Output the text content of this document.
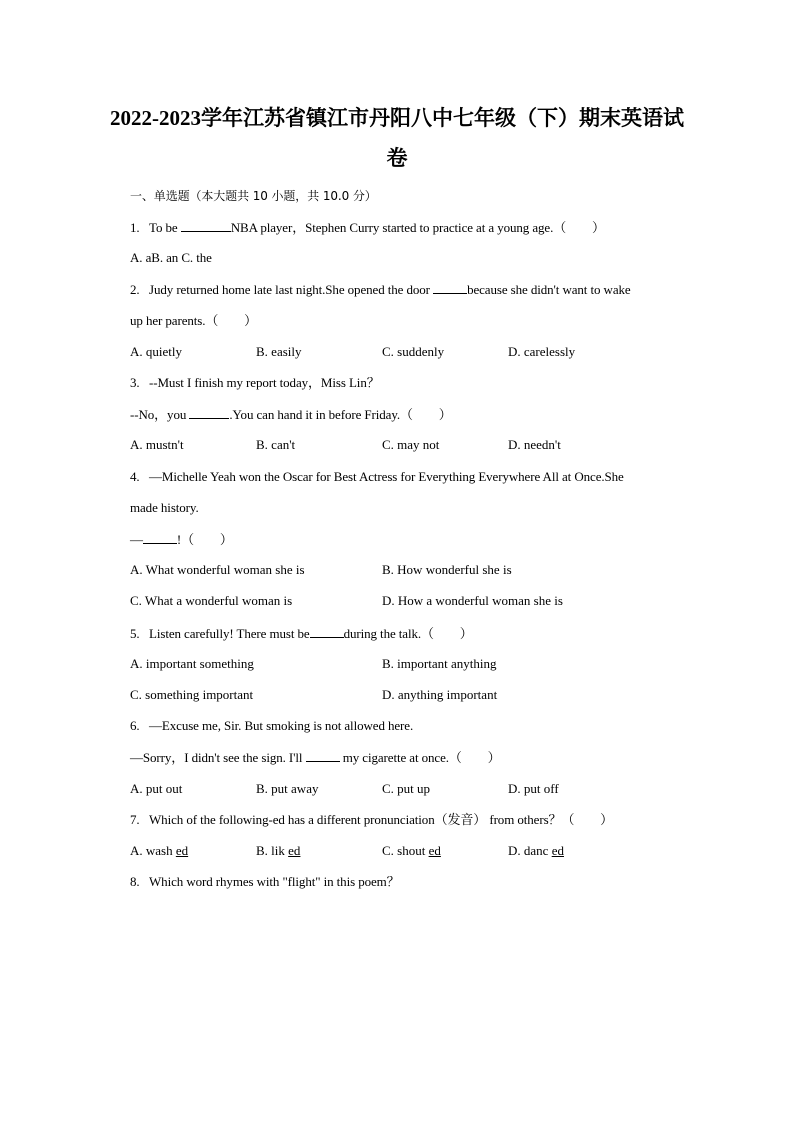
2022-2023学年江苏省镇江市丹阳八中七年级（下）期末英语试
卷
一、单选题（本大题共 10 小题，共 10.0 分）
1. To be	NBA player，Stephen Curry started to practice at a young age.（　　）
A. aB. an C. the
2. Judy returned home late last night.She opened the door	because she didn't want to wake
up her parents.（　　）
A. quietly	B. easily	C. suddenly	D. carelessly
3. --Must I finish my report today，Miss Lin？
--No，you	.You can hand it in before Friday.（　　）
A. mustn't	B. can't	C. may not	D. needn't
4. —Michelle Yeah won the Oscar for Best Actress for Everything Everywhere All at Once.She
made history.
—	!（　　）
A. What wonderful woman she is	B. How wonderful she is
C. What a wonderful woman is	D. How a wonderful woman she is
5. Listen carefully! There must be	during the talk.（　　）
A. important something	B. important anything
C. something important	D. anything important
6. —Excuse me, Sir. But smoking is not allowed here.
—Sorry，I didn't see the sign. I'll	my cigarette at once.（　　）
A. put out	B. put away	C. put up	D. put off
7. Which of the following-ed has a different pronunciation（发音） from others？（　　）
A. wash ed	B. lik ed	C. shout ed	D. danc ed
8. Which word rhymes with "flight" in this poem？
